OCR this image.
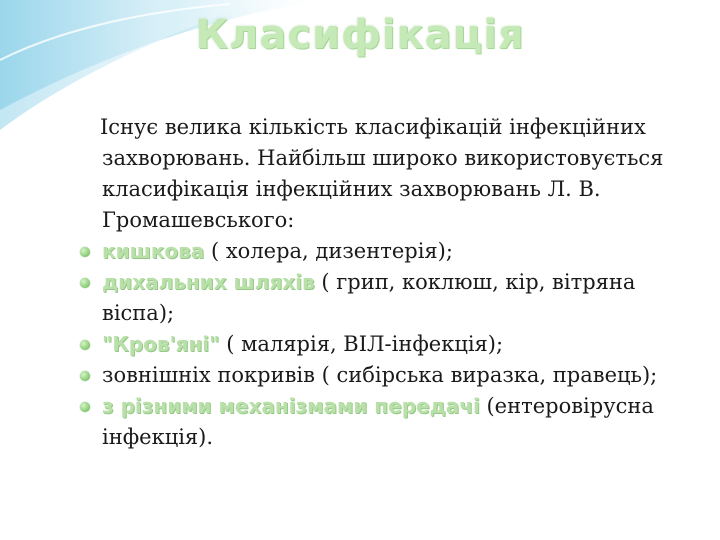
Класифікація

Існує велика кількість класифікацій інфекційних захворювань. Найбільш широко використовується класифікація інфекційних захворювань Л. В. Громашевського:

кишкова ( холера, дизентерія);
дихальних шляхів ( грип, коклюш, кір, вітряна віспа);
"Кров'яні" ( малярія, ВІЛ-інфекція);
зовнішніх покривів ( сибірська виразка, правець);
з різними механізмами передачі (ентеровірусна інфекція).
